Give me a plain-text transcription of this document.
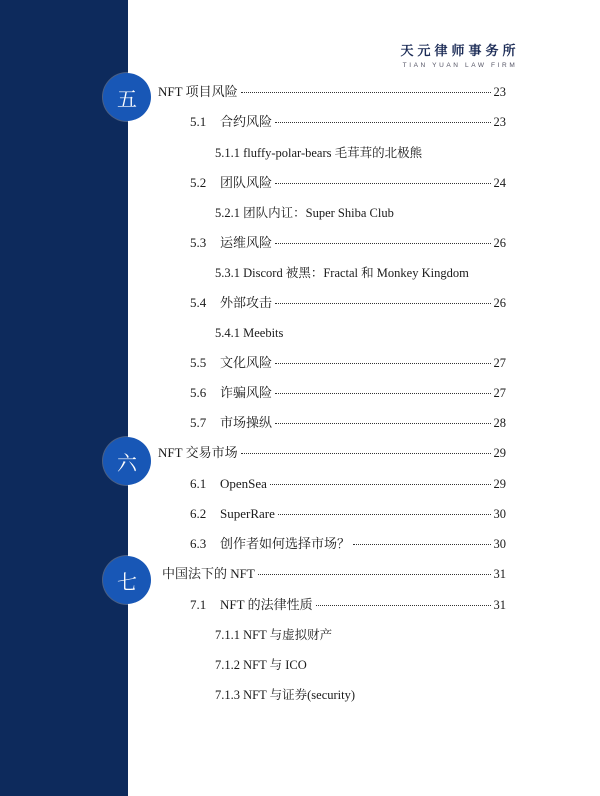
天元律师事务所
TIAN YUAN LAW FIRM
五	NFT 项目风险	23
5.1	合约风险	23
5.1.1 fluffy-polar-bears 毛茸茸的北极熊
5.2	团队风险	24
5.2.1 团队内讧：Super Shiba Club
5.3	运维风险	26
5.3.1 Discord 被黑：Fractal 和 Monkey Kingdom
5.4	外部攻击	26
5.4.1 Meebits
5.5	文化风险	27
5.6	诈骗风险	27
5.7	市场操纵	28
六	NFT 交易市场	29
6.1	OpenSea	29
6.2	SuperRare	30
6.3	创作者如何选择市场？	30
七	中国法下的 NFT	31
7.1	NFT 的法律性质	31
7.1.1 NFT 与虚拟财产
7.1.2 NFT 与 ICO
7.1.3 NFT 与证券(security)
